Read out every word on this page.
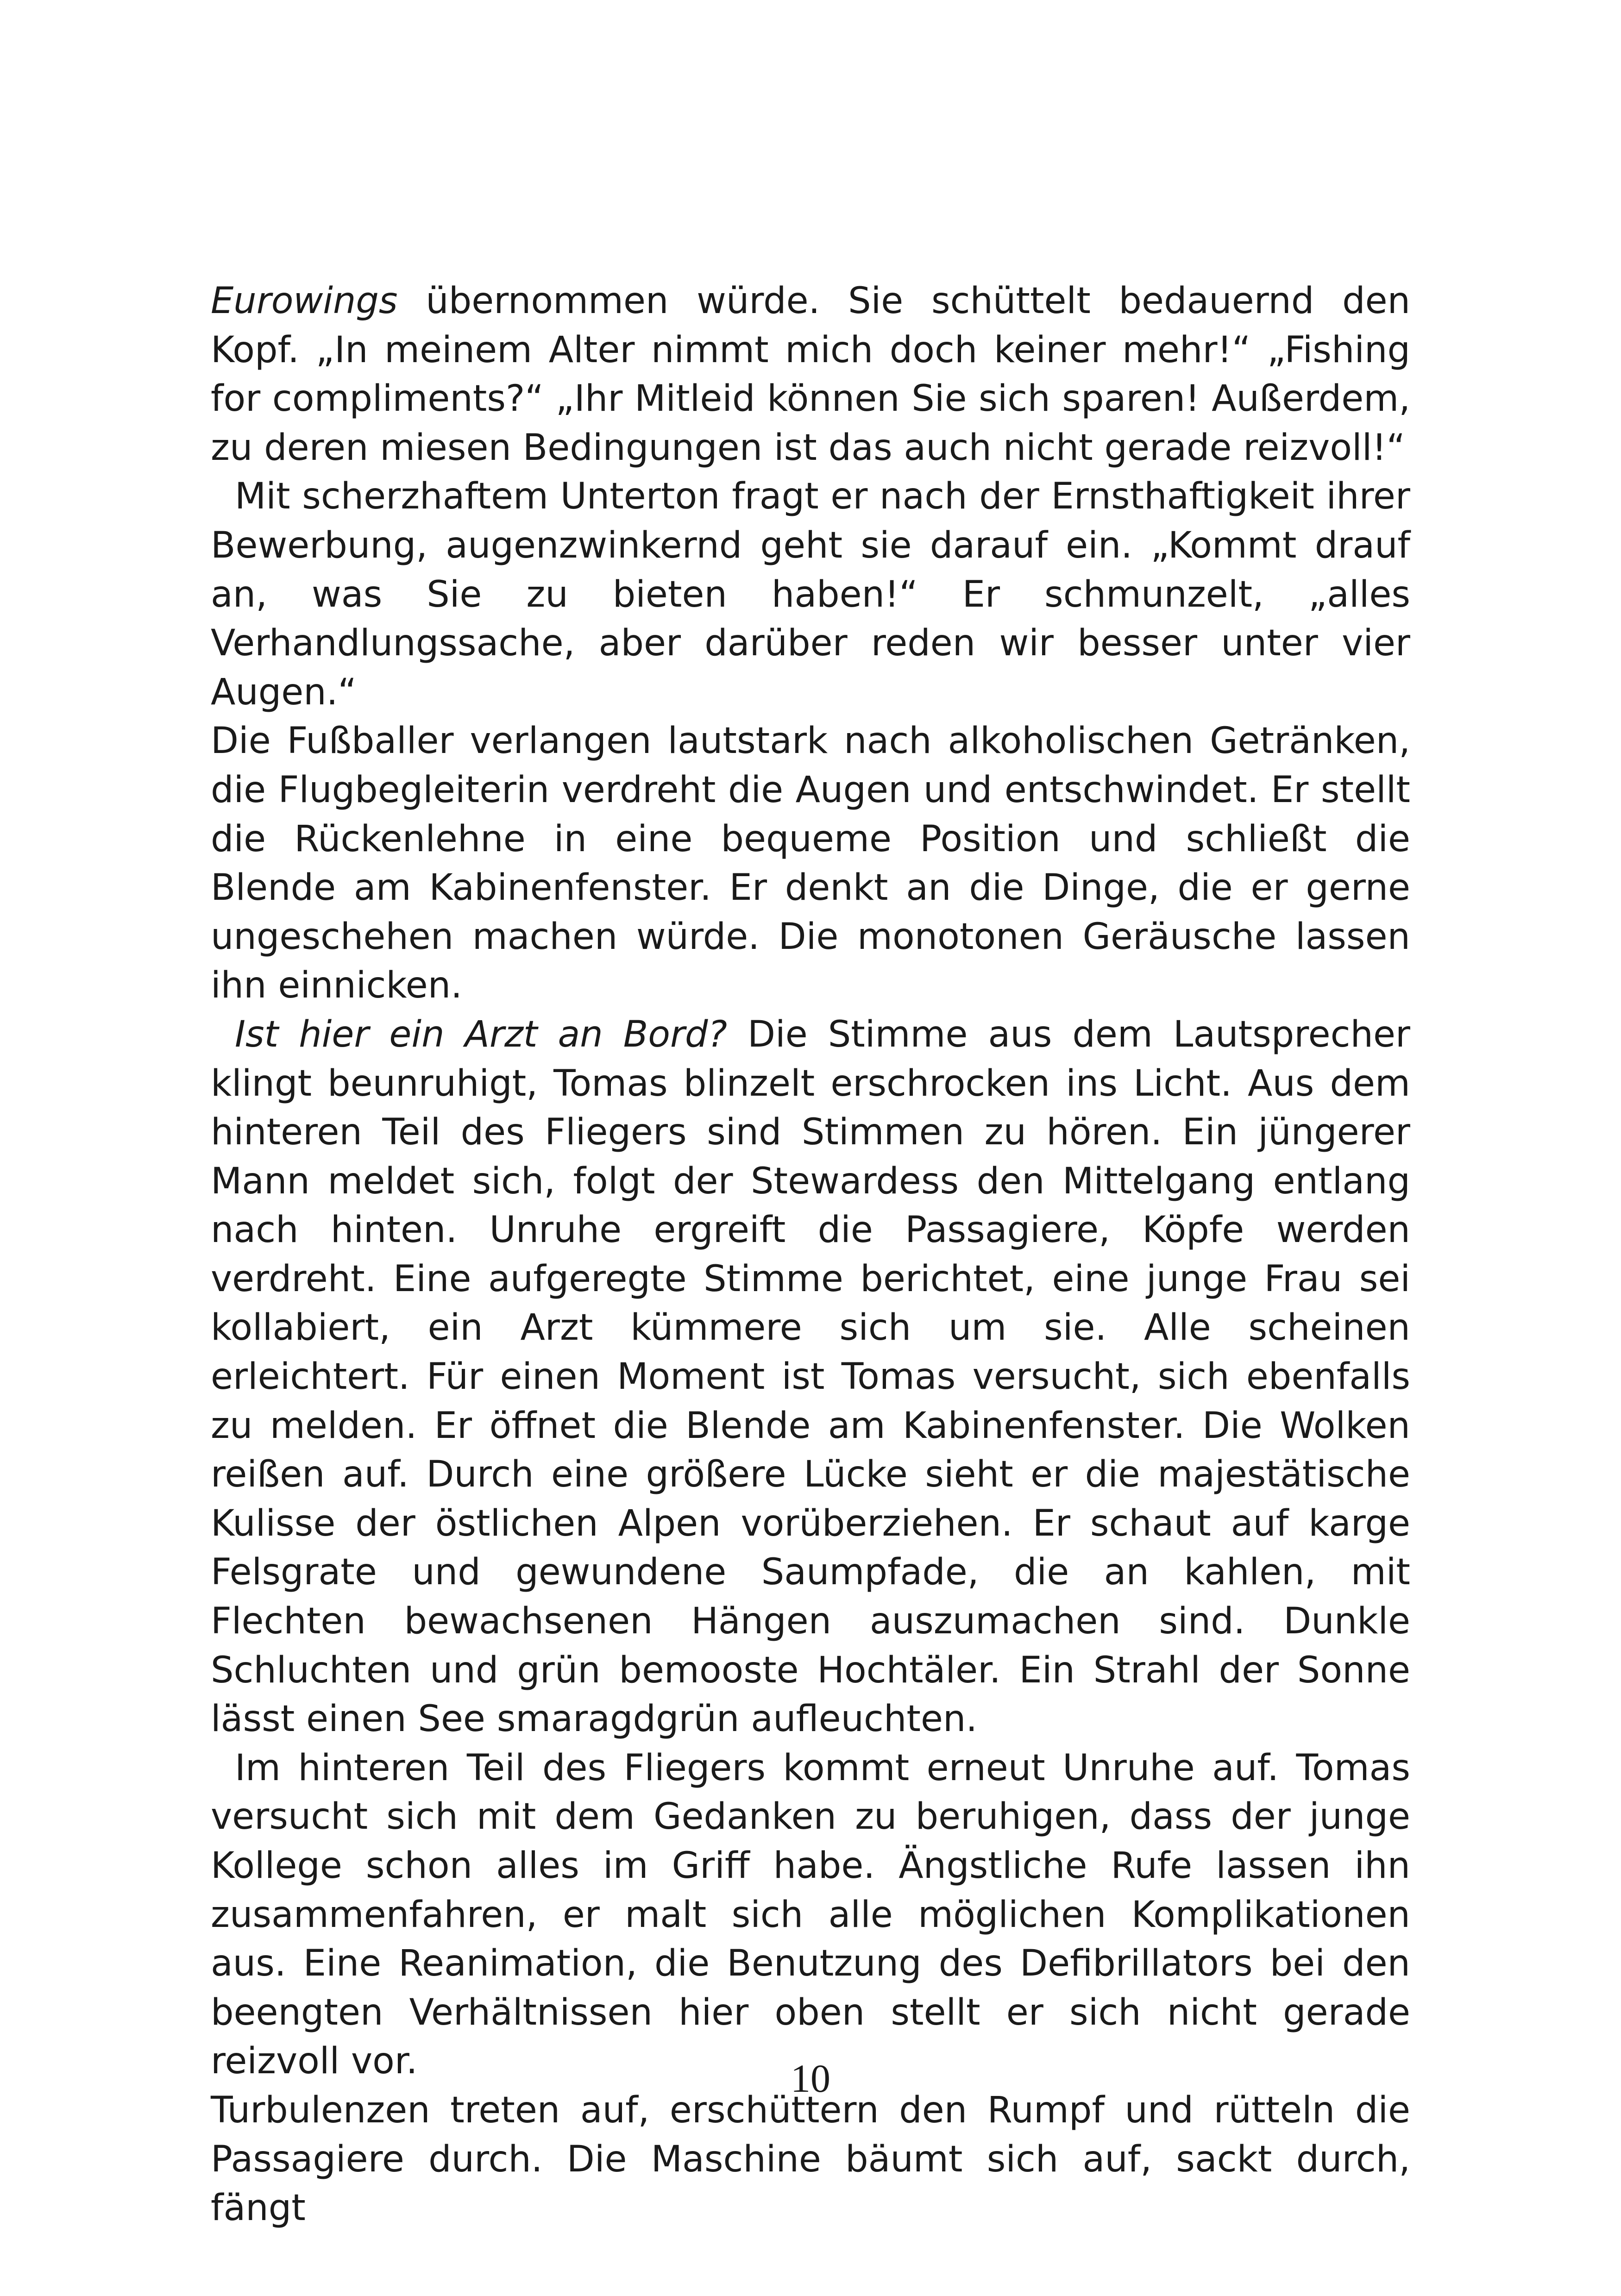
Eurowings übernommen würde. Sie schüttelt bedauernd den Kopf. „In meinem Alter nimmt mich doch keiner mehr!“ „Fishing for compliments?“ „Ihr Mitleid können Sie sich sparen! Außerdem, zu deren miesen Bedingungen ist das auch nicht gerade reizvoll!“

Mit scherzhaftem Unterton fragt er nach der Ernsthaftigkeit ihrer Bewerbung, augenzwinkernd geht sie darauf ein. „Kommt drauf an, was Sie zu bieten haben!“ Er schmunzelt, „alles Verhandlungssache, aber darüber reden wir besser unter vier Augen.“

Die Fußballer verlangen lautstark nach alkoholischen Getränken, die Flugbegleiterin verdreht die Augen und entschwindet. Er stellt die Rückenlehne in eine bequeme Position und schließt die Blende am Kabinenfenster. Er denkt an die Dinge, die er gerne ungeschehen machen würde. Die monotonen Geräusche lassen ihn einnicken.

Ist hier ein Arzt an Bord? Die Stimme aus dem Lautsprecher klingt beunruhigt, Tomas blinzelt erschrocken ins Licht. Aus dem hinteren Teil des Fliegers sind Stimmen zu hören. Ein jüngerer Mann meldet sich, folgt der Stewardess den Mittelgang entlang nach hinten. Unruhe ergreift die Passagiere, Köpfe werden verdreht. Eine aufgeregte Stimme berichtet, eine junge Frau sei kollabiert, ein Arzt kümmere sich um sie. Alle scheinen erleichtert. Für einen Moment ist Tomas versucht, sich ebenfalls zu melden. Er öffnet die Blende am Kabinenfenster. Die Wolken reißen auf. Durch eine größere Lücke sieht er die majestätische Kulisse der östlichen Alpen vorüberziehen. Er schaut auf karge Felsgrate und gewundene Saumpfade, die an kahlen, mit Flechten bewachsenen Hängen auszumachen sind. Dunkle Schluchten und grün bemooste Hochtäler. Ein Strahl der Sonne lässt einen See smaragdgrün aufleuchten.

Im hinteren Teil des Fliegers kommt erneut Unruhe auf. Tomas versucht sich mit dem Gedanken zu beruhigen, dass der junge Kollege schon alles im Griff habe. Ängstliche Rufe lassen ihn zusammenfahren, er malt sich alle möglichen Komplikationen aus. Eine Reanimation, die Benutzung des Defibrillators bei den beengten Verhältnissen hier oben stellt er sich nicht gerade reizvoll vor.

Turbulenzen treten auf, erschüttern den Rumpf und rütteln die Passagiere durch. Die Maschine bäumt sich auf, sackt durch, fängt

10
